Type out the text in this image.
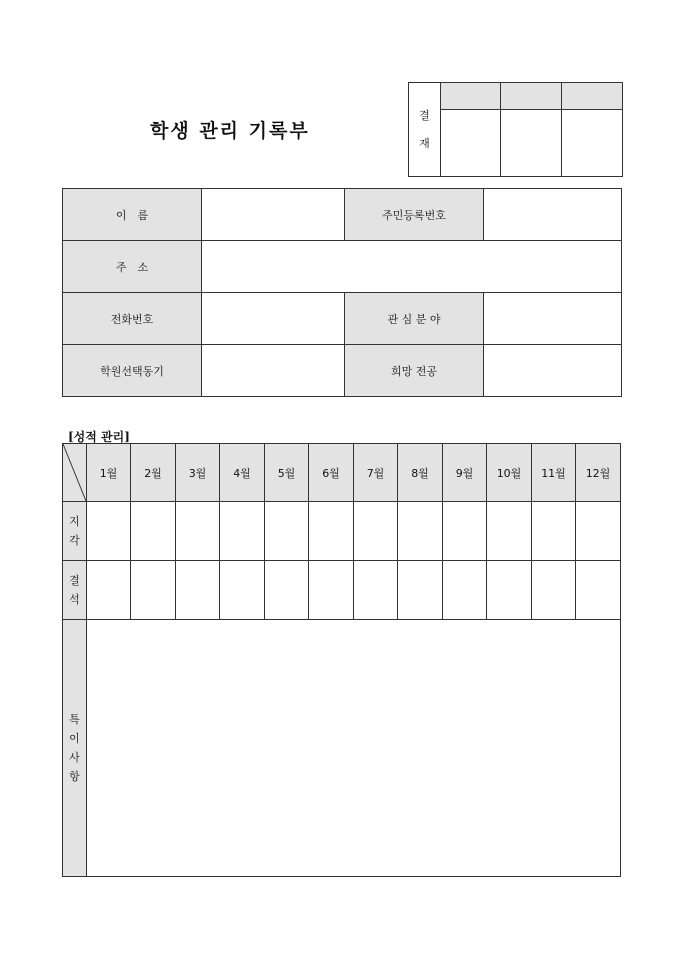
학생 관리 기록부
결
재			

이　름		주민등록번호	
주　소			
전화번호		관 심 분 야	
학원선택동기		희망 전공	
[성적 관리]
	1월	2월	3월	4월	5월	6월	7월	8월	9월	10월	11월	12월

지
각												

결
석												

특
이
사
항												
